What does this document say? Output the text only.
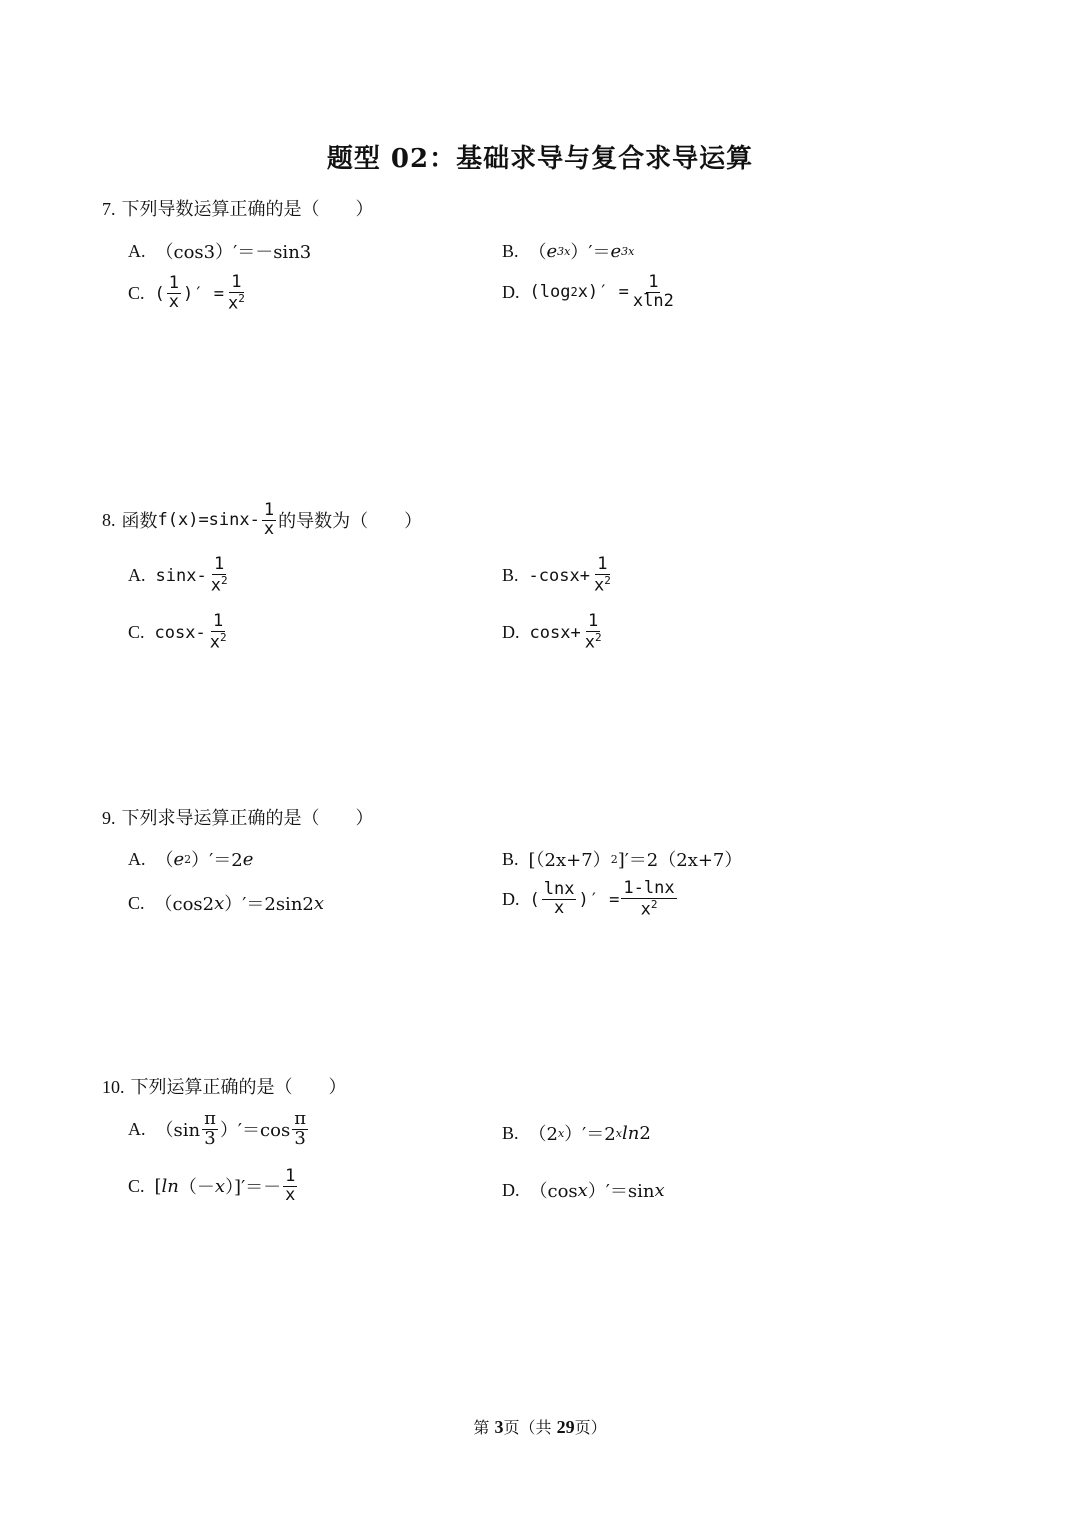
题型 02：基础求导与复合求导运算
7. 下列导数运算正确的是（　　）
A. （cos3）′＝－sin3	B. （ e 3x ）′＝ e 3x
C. ( $\frac{1}{x}$ )′ = $\frac{1}{x^2}$	D. (log 2 $x)' = \frac{1}{xln2}$
8. 函数 $f(x)=\sin x- \frac{1}{x}$ 的导数为（　　）
A. $\sin x- \frac{1}{x^2}$	B. $-\cos x+ \frac{1}{x^2}$
C. $\cos x- \frac{1}{x^2}$	D. $\cos x+ \frac{1}{x^2}$
9. 下列求导运算正确的是（　　）
A. （ e 2 ）′＝2 e	B. [（2x+7） 2 ]′＝2（2x+7）
C. （cos2 x ）′＝2sin2 x	D. ( $\frac{\ln x}{x}$ )′ = $\frac{1-\ln x}{x^2}$
10. 下列运算正确的是（　　）
A. $(\sin \frac{\pi}{3} )'=\cos \frac{\pi}{3}$	B. （2 x ）′＝2 x ln 2
C. [ ln （－ x ）]′＝－ $\frac{1}{x}$	D. （cos x ）′＝sin x
第 3页（共 29页）
